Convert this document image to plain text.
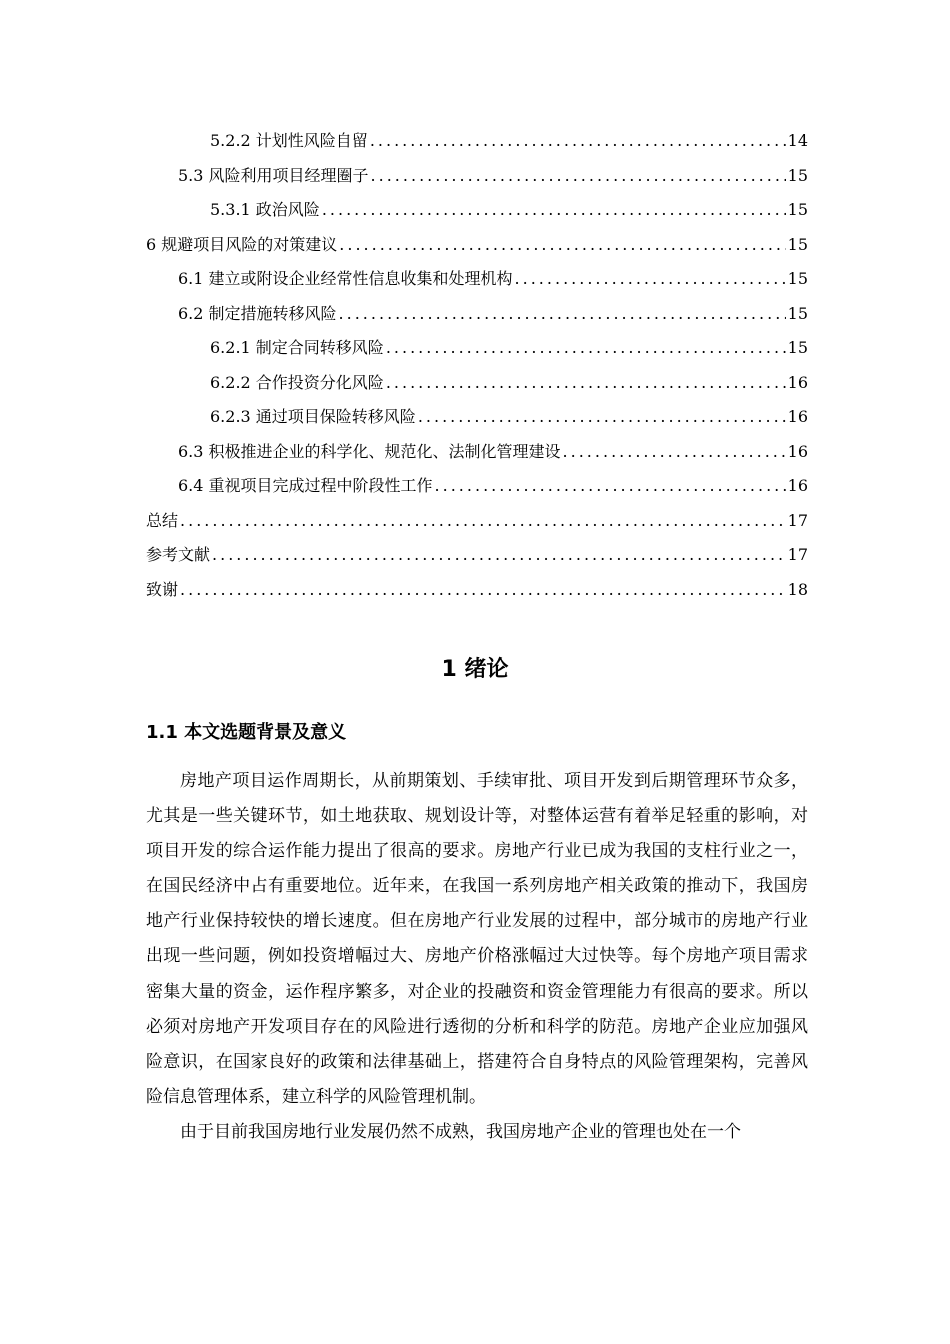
5.2.2 计划性风险自留 .....	14
5.3 风险利用项目经理圈子 .....	15
5.3.1 政治风险 .....	15
6 规避项目风险的对策建议 .....	15
6.1 建立或附设企业经常性信息收集和处理机构 .....	15
6.2 制定措施转移风险 .....	15
6.2.1 制定合同转移风险 .....	15
6.2.2 合作投资分化风险 .....	16
6.2.3 通过项目保险转移风险 .....	16
6.3 积极推进企业的科学化、规范化、法制化管理建设 .....	16
6.4 重视项目完成过程中阶段性工作 .....	16
总结 .....	17
参考文献 .....	17
致谢 .....	18
1 绪论
1.1 本文选题背景及意义

房地产项目运作周期长，从前期策划、手续审批、项目开发到后期管理环节众多，尤其是一些关键环节，如土地获取、规划设计等，对整体运营有着举足轻重的影响，对项目开发的综合运作能力提出了很高的要求。房地产行业已成为我国的支柱行业之一，在国民经济中占有重要地位。近年来，在我国一系列房地产相关政策的推动下，我国房地产行业保持较快的增长速度。但在房地产行业发展的过程中，部分城市的房地产行业出现一些问题，例如投资增幅过大、房地产价格涨幅过大过快等。每个房地产项目需求密集大量的资金，运作程序繁多，对企业的投融资和资金管理能力有很高的要求。所以必须对房地产开发项目存在的风险进行透彻的分析和科学的防范。房地产企业应加强风险意识，在国家良好的政策和法律基础上，搭建符合自身特点的风险管理架构，完善风险信息管理体系，建立科学的风险管理机制。

由于目前我国房地行业发展仍然不成熟，我国房地产企业的管理也处在一个
